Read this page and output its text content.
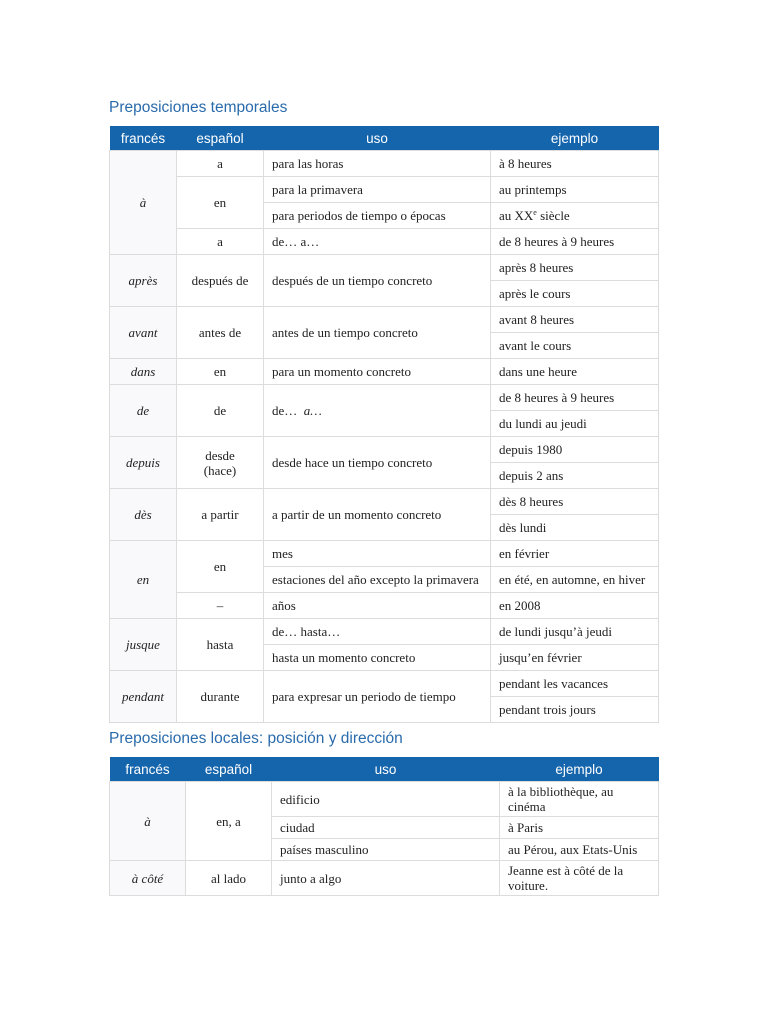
Preposiciones temporales
francés	español	uso	ejemplo
à	a	para las horas	à 8 heures
	en	para la primavera	au printemps
		para periodos de tiempo o épocas	au XXe siècle
	a	de… a…	de 8 heures à 9 heures
après	después de	después de un tiempo concreto	après 8 heures
			après le cours
avant	antes de	antes de un tiempo concreto	avant 8 heures
			avant le cours
dans	en	para un momento concreto	dans une heure
de	de	de…  a…	de 8 heures à 9 heures
			du lundi au jeudi
depuis	desde (hace)	desde hace un tiempo concreto	depuis 1980
			depuis 2 ans
dès	a partir	a partir de un momento concreto	dès 8 heures
			dès lundi
en	en	mes	en février
		estaciones del año excepto la primavera	en été, en automne, en hiver
	–	años	en 2008
jusque	hasta	de… hasta…	de lundi jusqu’à jeudi
		hasta un momento concreto	jusqu’en février
pendant	durante	para expresar un periodo de tiempo	pendant les vacances
			pendant trois jours
Preposiciones locales: posición y dirección
francés	español	uso	ejemplo
à	en, a	edificio	à la bibliothèque, au cinéma
		ciudad	à Paris
		países masculino	au Pérou, aux Etats-Unis
à côté	al lado	junto a algo	Jeanne est à côté de la voiture.
